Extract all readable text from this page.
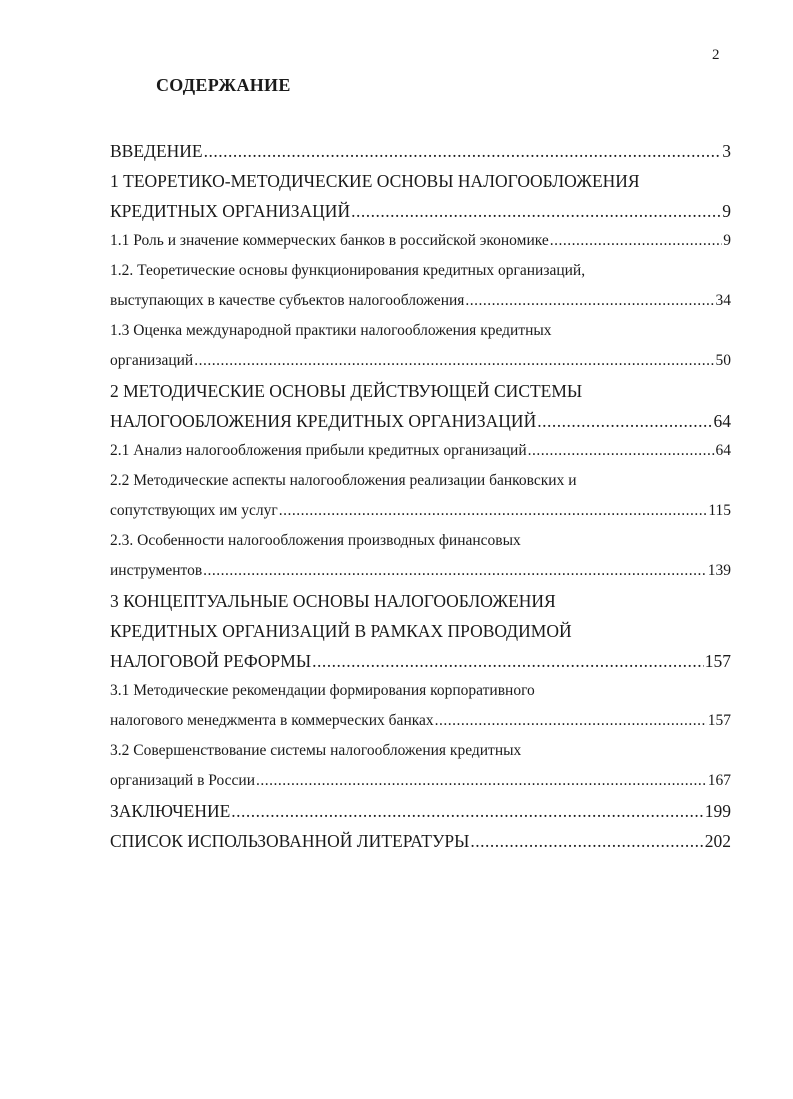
2
СОДЕРЖАНИЕ
ВВЕДЕНИЕ .....	3
1 ТЕОРЕТИКО-МЕТОДИЧЕСКИЕ ОСНОВЫ НАЛОГООБЛОЖЕНИЯ
КРЕДИТНЫХ ОРГАНИЗАЦИЙ .....	9
1.1 Роль и значение коммерческих банков в российской экономике .....	9
1.2. Теоретические основы функционирования кредитных организаций,
выступающих в качестве субъектов налогообложения .....	34
1.3 Оценка международной практики налогообложения кредитных
организаций .....	50
2 МЕТОДИЧЕСКИЕ ОСНОВЫ ДЕЙСТВУЮЩЕЙ СИСТЕМЫ
НАЛОГООБЛОЖЕНИЯ КРЕДИТНЫХ ОРГАНИЗАЦИЙ .....	64
2.1 Анализ налогообложения прибыли кредитных организаций .....	64
2.2 Методические аспекты налогообложения реализации банковских и
сопутствующих им услуг .....	115
2.3. Особенности налогообложения производных финансовых
инструментов .....	139
3 КОНЦЕПТУАЛЬНЫЕ ОСНОВЫ НАЛОГООБЛОЖЕНИЯ
КРЕДИТНЫХ ОРГАНИЗАЦИЙ В РАМКАХ ПРОВОДИМОЙ
НАЛОГОВОЙ РЕФОРМЫ .....	157
3.1 Методические рекомендации формирования корпоративного
налогового менеджмента в коммерческих банках .....	157
3.2 Совершенствование системы налогообложения кредитных
организаций в России .....	167
ЗАКЛЮЧЕНИЕ .....	199
СПИСОК ИСПОЛЬЗОВАННОЙ ЛИТЕРАТУРЫ .....	202
